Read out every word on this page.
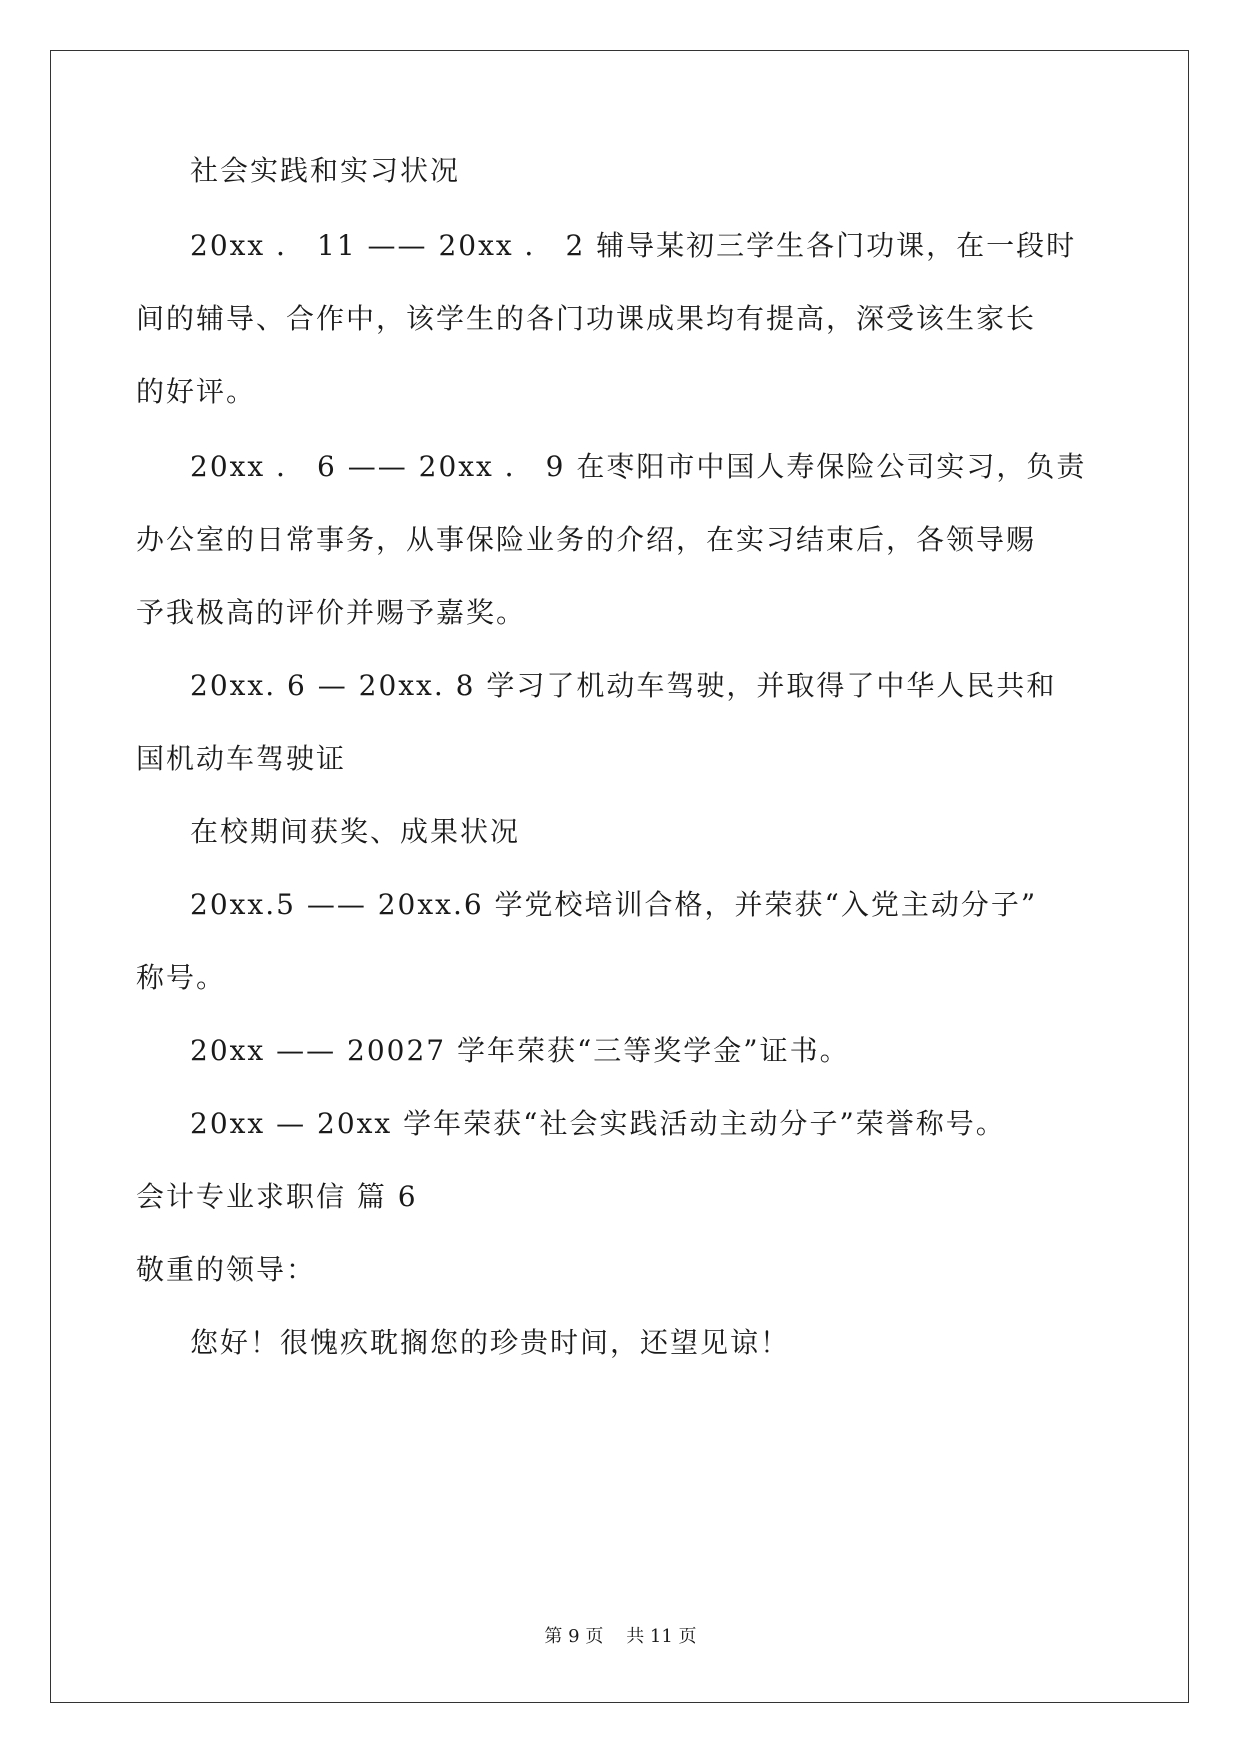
社会实践和实习状况
20xx ． 11 —— 20xx ． 2 辅导某初三学生各门功课，在一段时
间的辅导、合作中，该学生的各门功课成果均有提高，深受该生家长
的好评。
20xx ． 6 —— 20xx ． 9 在枣阳市中国人寿保险公司实习，负责
办公室的日常事务，从事保险业务的介绍，在实习结束后，各领导赐
予我极高的评价并赐予嘉奖。
20xx. 6 — 20xx. 8 学习了机动车驾驶，并取得了中华人民共和
国机动车驾驶证
在校期间获奖、成果状况
20xx.5 —— 20xx.6 学党校培训合格，并荣获“入党主动分子”
称号。
20xx —— 20027 学年荣获“三等奖学金”证书。
20xx — 20xx 学年荣获“社会实践活动主动分子”荣誉称号。
会计专业求职信 篇 6
敬重的领导：
您好！很愧疚耽搁您的珍贵时间，还望见谅！
第 9 页    共 11 页
